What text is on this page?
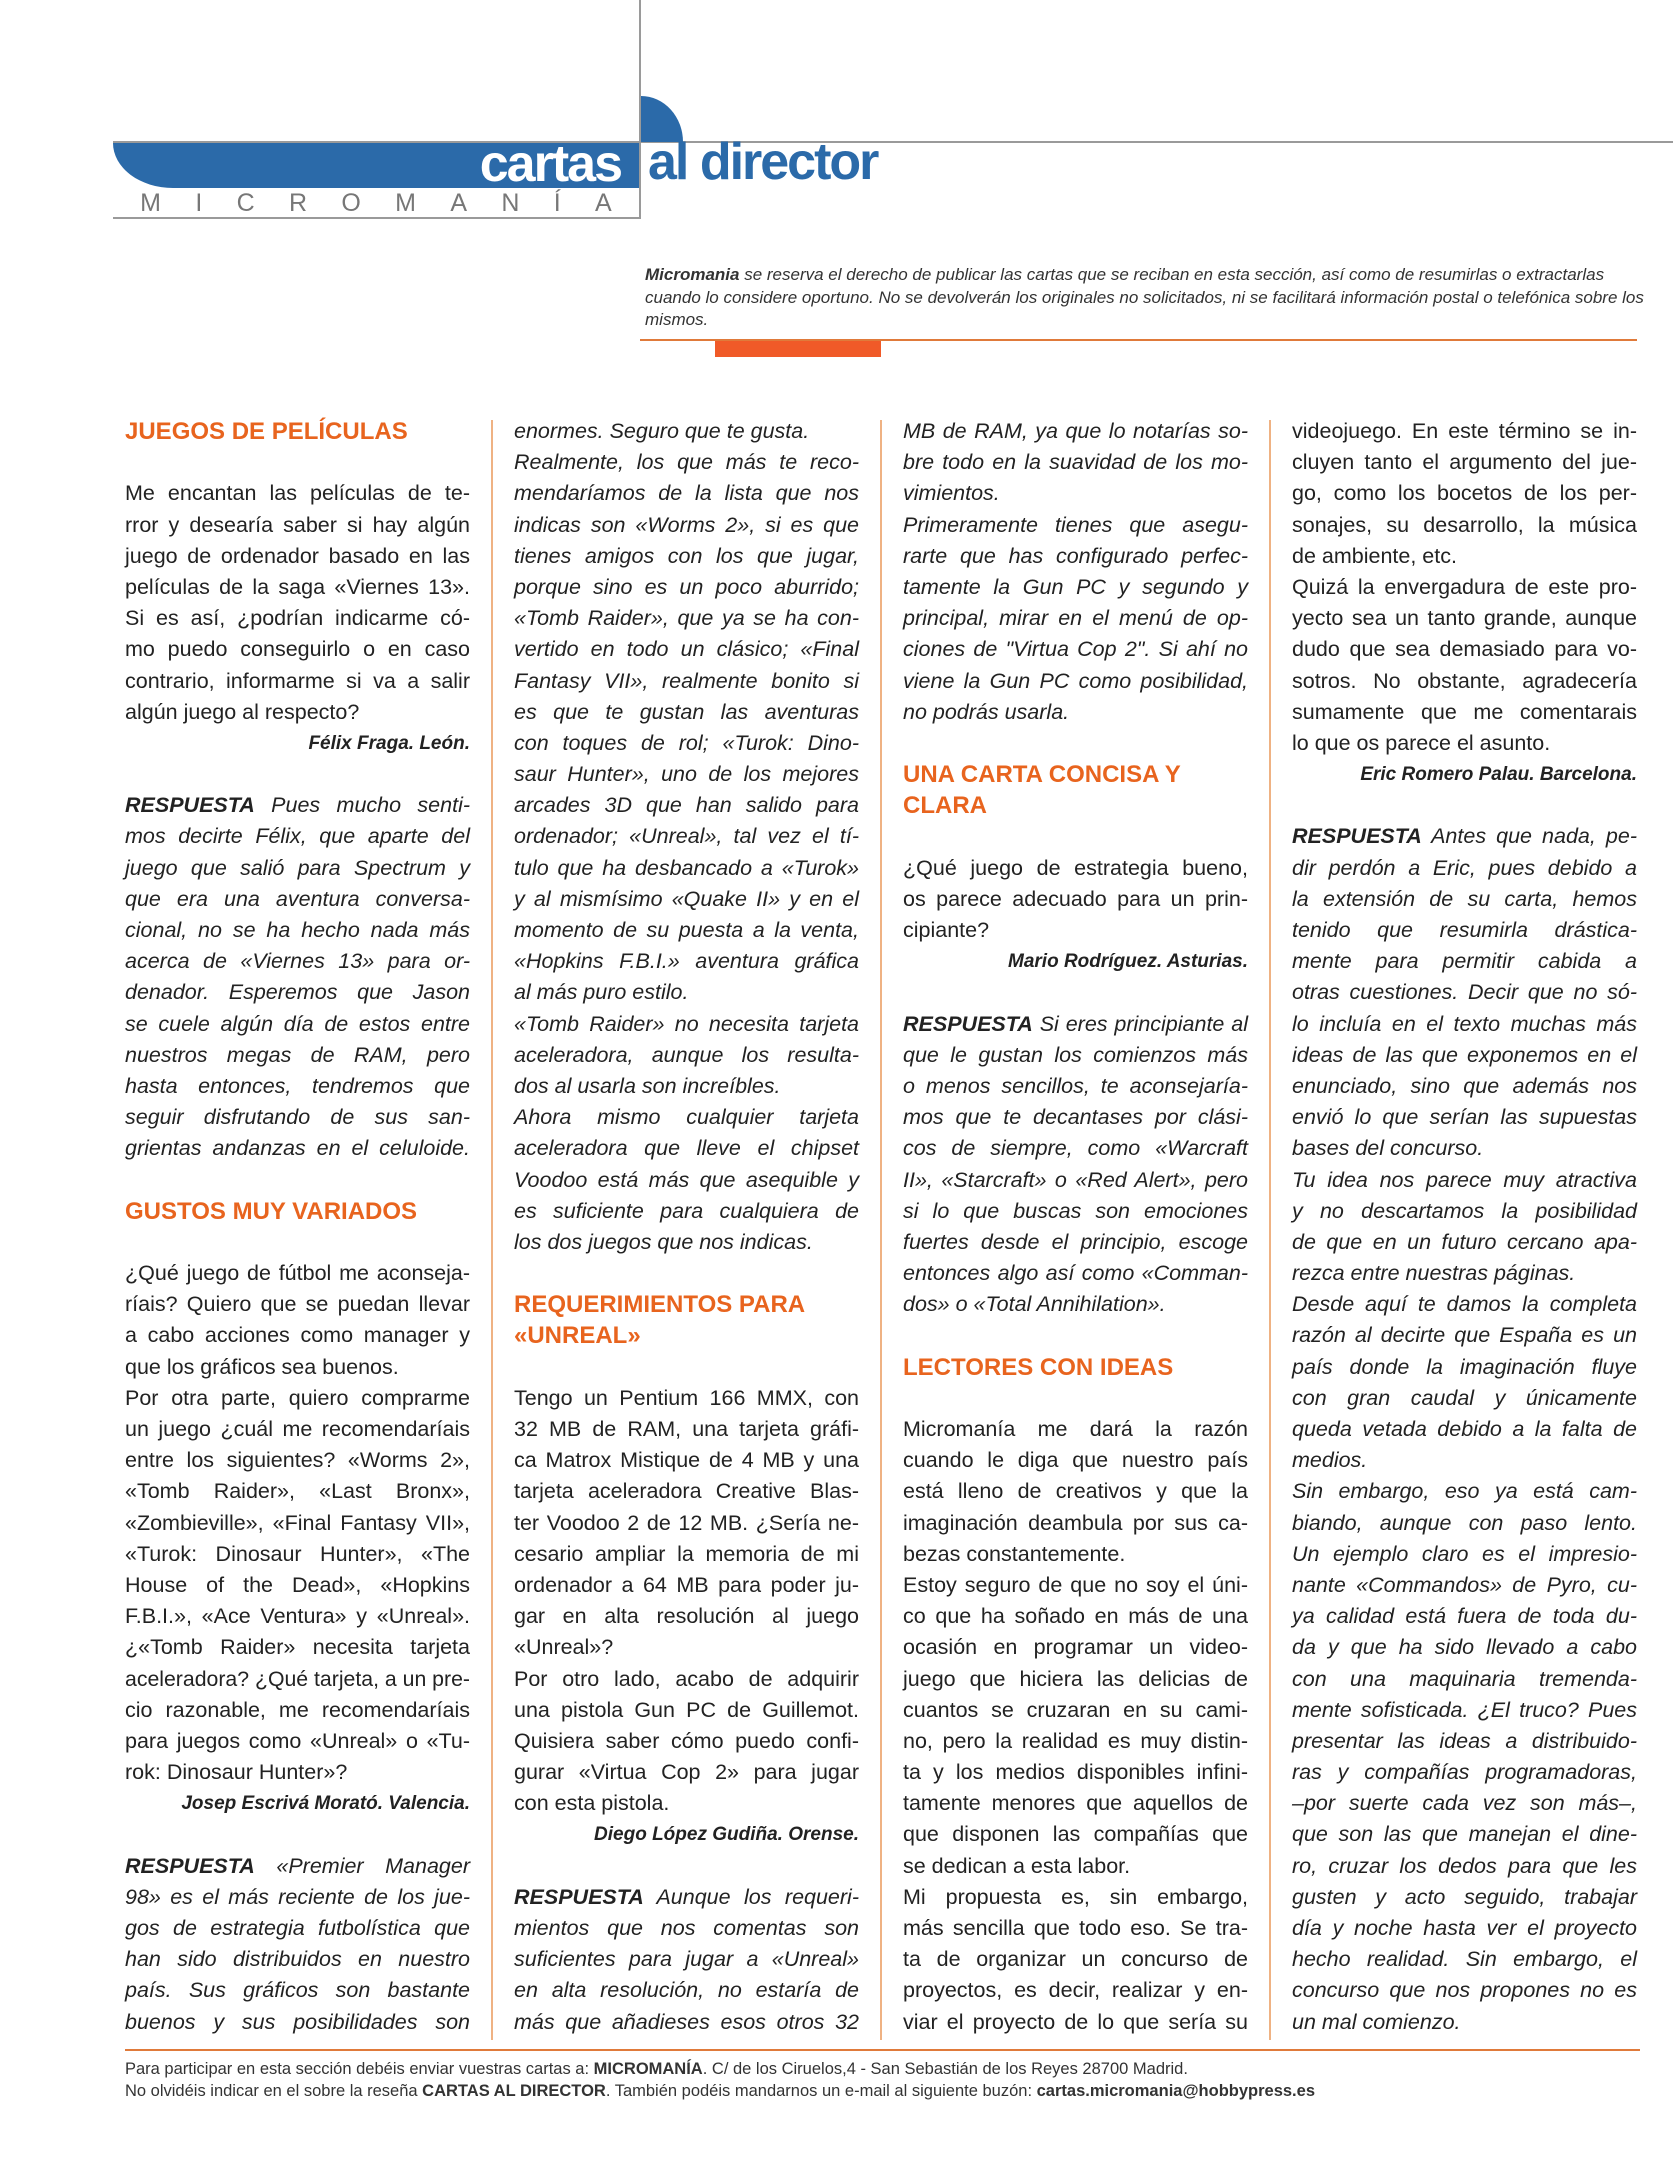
cartas al director
M I C R O M A N Í A
Micromania se reserva el derecho de publicar las cartas que se reciban en esta sección, así como de resumirlas o extractarlas cuando lo considere oportuno. No se devolverán los originales no solicitados, ni se facilitará información postal o telefónica sobre los mismos.
JUEGOS DE PELÍCULAS
Me encantan las películas de te-
rror y desearía saber si hay algún
juego de ordenador basado en las
películas de la saga «Viernes 13».
Si es así, ¿podrían indicarme có-
mo puedo conseguirlo o en caso
contrario, informarme si va a salir
algún juego al respecto?
Félix Fraga. León.
RESPUESTA Pues mucho senti-
mos decirte Félix, que aparte del
juego que salió para Spectrum y
que era una aventura conversa-
cional, no se ha hecho nada más
acerca de «Viernes 13» para or-
denador. Esperemos que Jason
se cuele algún día de estos entre
nuestros megas de RAM, pero
hasta entonces, tendremos que
seguir disfrutando de sus san-
grientas andanzas en el celuloide.
GUSTOS MUY VARIADOS
¿Qué juego de fútbol me aconseja-
ríais? Quiero que se puedan llevar
a cabo acciones como manager y
que los gráficos sea buenos.
Por otra parte, quiero comprarme
un juego ¿cuál me recomendaríais
entre los siguientes? «Worms 2»,
«Tomb Raider», «Last Bronx»,
«Zombieville», «Final Fantasy VII»,
«Turok: Dinosaur Hunter», «The
House of the Dead», «Hopkins
F.B.I.», «Ace Ventura» y «Unreal».
¿«Tomb Raider» necesita tarjeta
aceleradora? ¿Qué tarjeta, a un pre-
cio razonable, me recomendaríais
para juegos como «Unreal» o «Tu-
rok: Dinosaur Hunter»?
Josep Escrivá Morató. Valencia.
RESPUESTA «Premier Manager
98» es el más reciente de los jue-
gos de estrategia futbolística que
han sido distribuidos en nuestro
país. Sus gráficos son bastante
buenos y sus posibilidades son
enormes. Seguro que te gusta.
Realmente, los que más te reco-
mendaríamos de la lista que nos
indicas son «Worms 2», si es que
tienes amigos con los que jugar,
porque sino es un poco aburrido;
«Tomb Raider», que ya se ha con-
vertido en todo un clásico; «Final
Fantasy VII», realmente bonito si
es que te gustan las aventuras
con toques de rol; «Turok: Dino-
saur Hunter», uno de los mejores
arcades 3D que han salido para
ordenador; «Unreal», tal vez el tí-
tulo que ha desbancado a «Turok»
y al mismísimo «Quake II» y en el
momento de su puesta a la venta,
«Hopkins F.B.I.» aventura gráfica
al más puro estilo.
«Tomb Raider» no necesita tarjeta
aceleradora, aunque los resulta-
dos al usarla son increíbles.
Ahora mismo cualquier tarjeta
aceleradora que lleve el chipset
Voodoo está más que asequible y
es suficiente para cualquiera de
los dos juegos que nos indicas.
REQUERIMIENTOS PARA
«UNREAL»
Tengo un Pentium 166 MMX, con
32 MB de RAM, una tarjeta gráfi-
ca Matrox Mistique de 4 MB y una
tarjeta aceleradora Creative Blas-
ter Voodoo 2 de 12 MB. ¿Sería ne-
cesario ampliar la memoria de mi
ordenador a 64 MB para poder ju-
gar en alta resolución al juego
«Unreal»?
Por otro lado, acabo de adquirir
una pistola Gun PC de Guillemot.
Quisiera saber cómo puedo confi-
gurar «Virtua Cop 2» para jugar
con esta pistola.
Diego López Gudiña. Orense.
RESPUESTA Aunque los requeri-
mientos que nos comentas son
suficientes para jugar a «Unreal»
en alta resolución, no estaría de
más que añadieses esos otros 32
MB de RAM, ya que lo notarías so-
bre todo en la suavidad de los mo-
vimientos.
Primeramente tienes que asegu-
rarte que has configurado perfec-
tamente la Gun PC y segundo y
principal, mirar en el menú de op-
ciones de "Virtua Cop 2". Si ahí no
viene la Gun PC como posibilidad,
no podrás usarla.
UNA CARTA CONCISA Y
CLARA
¿Qué juego de estrategia bueno,
os parece adecuado para un prin-
cipiante?
Mario Rodríguez. Asturias.
RESPUESTA Si eres principiante al
que le gustan los comienzos más
o menos sencillos, te aconsejaría-
mos que te decantases por clási-
cos de siempre, como «Warcraft
II», «Starcraft» o «Red Alert», pero
si lo que buscas son emociones
fuertes desde el principio, escoge
entonces algo así como «Comman-
dos» o «Total Annihilation».
LECTORES CON IDEAS
Micromanía me dará la razón
cuando le diga que nuestro país
está lleno de creativos y que la
imaginación deambula por sus ca-
bezas constantemente.
Estoy seguro de que no soy el úni-
co que ha soñado en más de una
ocasión en programar un video-
juego que hiciera las delicias de
cuantos se cruzaran en su cami-
no, pero la realidad es muy distin-
ta y los medios disponibles infini-
tamente menores que aquellos de
que disponen las compañías que
se dedican a esta labor.
Mi propuesta es, sin embargo,
más sencilla que todo eso. Se tra-
ta de organizar un concurso de
proyectos, es decir, realizar y en-
viar el proyecto de lo que sería su
videojuego. En este término se in-
cluyen tanto el argumento del jue-
go, como los bocetos de los per-
sonajes, su desarrollo, la música
de ambiente, etc.
Quizá la envergadura de este pro-
yecto sea un tanto grande, aunque
dudo que sea demasiado para vo-
sotros. No obstante, agradecería
sumamente que me comentarais
lo que os parece el asunto.
Eric Romero Palau. Barcelona.
RESPUESTA Antes que nada, pe-
dir perdón a Eric, pues debido a
la extensión de su carta, hemos
tenido que resumirla drástica-
mente para permitir cabida a
otras cuestiones. Decir que no só-
lo incluía en el texto muchas más
ideas de las que exponemos en el
enunciado, sino que además nos
envió lo que serían las supuestas
bases del concurso.
Tu idea nos parece muy atractiva
y no descartamos la posibilidad
de que en un futuro cercano apa-
rezca entre nuestras páginas.
Desde aquí te damos la completa
razón al decirte que España es un
país donde la imaginación fluye
con gran caudal y únicamente
queda vetada debido a la falta de
medios.
Sin embargo, eso ya está cam-
biando, aunque con paso lento.
Un ejemplo claro es el impresio-
nante «Commandos» de Pyro, cu-
ya calidad está fuera de toda du-
da y que ha sido llevado a cabo
con una maquinaria tremenda-
mente sofisticada. ¿El truco? Pues
presentar las ideas a distribuido-
ras y compañías programadoras,
–por suerte cada vez son más–,
que son las que manejan el dine-
ro, cruzar los dedos para que les
gusten y acto seguido, trabajar
día y noche hasta ver el proyecto
hecho realidad. Sin embargo, el
concurso que nos propones no es
un mal comienzo.
Para participar en esta sección debéis enviar vuestras cartas a: MICROMANÍA. C/ de los Ciruelos,4 - San Sebastián de los Reyes 28700 Madrid.
No olvidéis indicar en el sobre la reseña CARTAS AL DIRECTOR. También podéis mandarnos un e-mail al siguiente buzón: cartas.micromania@hobbypress.es
